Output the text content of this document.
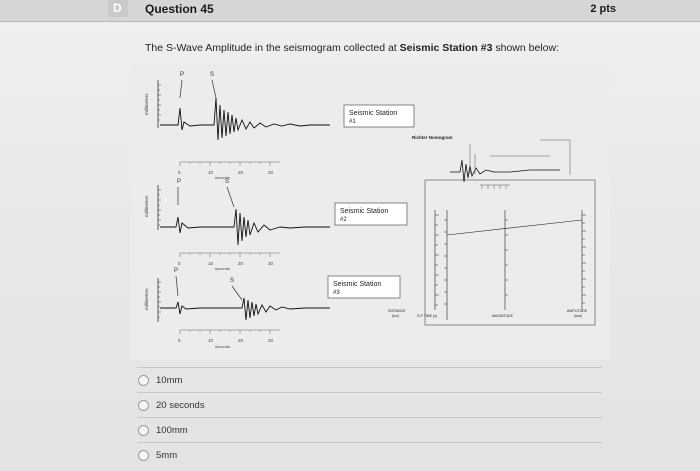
D Question 45	2 pts
The S-Wave Amplitude in the seismogram collected at Seismic Station #3 shown below:
millimeters
P	S
0	10	20	30
seconds
Seismic Station
#1
millimeters
P	S
0	10	20	30
seconds
Seismic Station
#2
millimeters
P
S
0	10	20	30
seconds
Seismic Station
#3
Richter Nomogram
DISTANCE
(km)	S-P TIME (s)	MAGNITUDE
AMPLITUDE
(mm)
10mm
20 seconds
100mm
5mm
